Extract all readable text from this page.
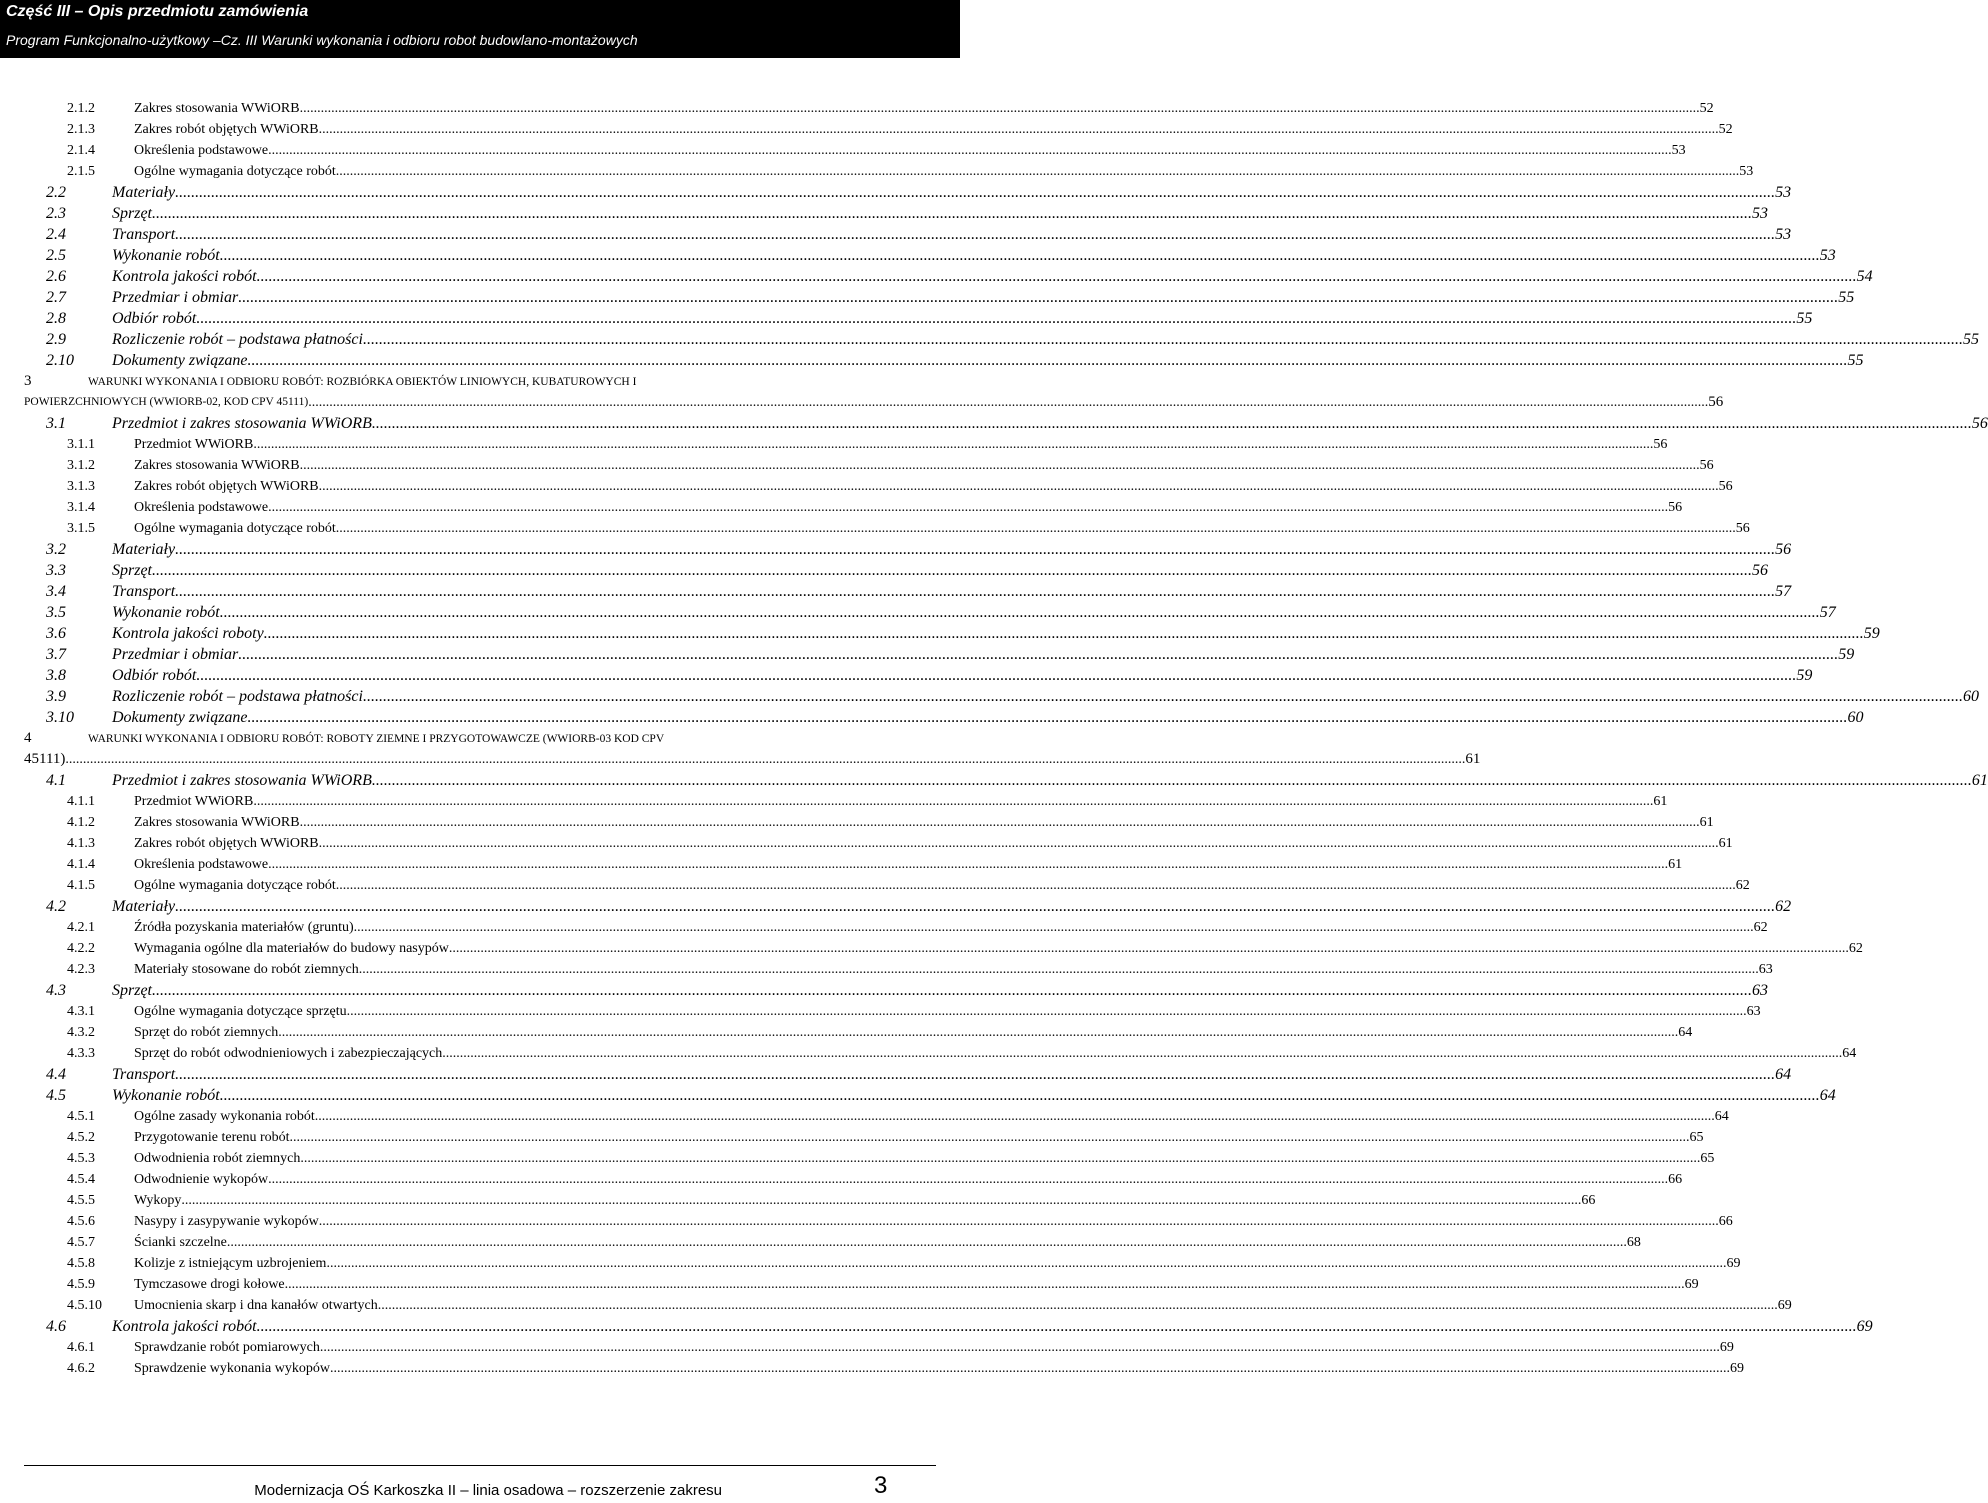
Część III – Opis przedmiotu zamówienia
Program Funkcjonalno-użytkowy –Cz. III Warunki wykonania i odbioru robot budowlano-montażowych
2.1.2	Zakres stosowania WWiORB ................................................................................................................................................................................................................................................................................................................................................................................................................ 52
2.1.3	Zakres robót objętych WWiORB ................................................................................................................................................................................................................................................................................................................................................................................................................ 52
2.1.4	Określenia podstawowe. ................................................................................................................................................................................................................................................................................................................................................................................................................ 53
2.1.5	Ogólne wymagania dotyczące robót. ................................................................................................................................................................................................................................................................................................................................................................................................................ 53
2.2	Materiały ................................................................................................................................................................................................................................................................................................................................................................................................................ 53
2.3	Sprzęt ................................................................................................................................................................................................................................................................................................................................................................................................................ 53
2.4	Transport ................................................................................................................................................................................................................................................................................................................................................................................................................ 53
2.5	Wykonanie robót ................................................................................................................................................................................................................................................................................................................................................................................................................ 53
2.6	Kontrola jakości robót ................................................................................................................................................................................................................................................................................................................................................................................................................ 54
2.7	Przedmiar i obmiar ................................................................................................................................................................................................................................................................................................................................................................................................................ 55
2.8	Odbiór robót ................................................................................................................................................................................................................................................................................................................................................................................................................ 55
2.9	Rozliczenie robót – podstawa płatności ................................................................................................................................................................................................................................................................................................................................................................................................................ 55
2.10 Dokumenty związane ................................................................................................................................................................................................................................................................................................................................................................................................................ 55
3	WARUNKI WYKONANIA I ODBIORU ROBÓT: ROZBIÓRKA OBIEKTÓW LINIOWYCH, KUBATUROWYCH I
POWIERZCHNIOWYCH (WWIORB-02, KOD CPV 45111) ................................................................................................................................................................................................................................................................................................................................................................................................................ 56
3.1	Przedmiot i zakres stosowania WWiORB ................................................................................................................................................................................................................................................................................................................................................................................................................ 56
3.1.1	Przedmiot WWiORB ................................................................................................................................................................................................................................................................................................................................................................................................................ 56
3.1.2	Zakres stosowania WWiORB ................................................................................................................................................................................................................................................................................................................................................................................................................ 56
3.1.3	Zakres robót objętych WWiORB ................................................................................................................................................................................................................................................................................................................................................................................................................ 56
3.1.4	Określenia podstawowe ................................................................................................................................................................................................................................................................................................................................................................................................................ 56
3.1.5	Ogólne wymagania dotyczące robót ................................................................................................................................................................................................................................................................................................................................................................................................................ 56
3.2	Materiały ................................................................................................................................................................................................................................................................................................................................................................................................................ 56
3.3	Sprzęt ................................................................................................................................................................................................................................................................................................................................................................................................................ 56
3.4	Transport ................................................................................................................................................................................................................................................................................................................................................................................................................ 57
3.5	Wykonanie robót ................................................................................................................................................................................................................................................................................................................................................................................................................ 57
3.6	Kontrola jakości roboty ................................................................................................................................................................................................................................................................................................................................................................................................................ 59
3.7	Przedmiar i obmiar ................................................................................................................................................................................................................................................................................................................................................................................................................ 59
3.8	Odbiór robót ................................................................................................................................................................................................................................................................................................................................................................................................................ 59
3.9	Rozliczenie robót – podstawa płatności ................................................................................................................................................................................................................................................................................................................................................................................................................ 60
3.10 Dokumenty związane ................................................................................................................................................................................................................................................................................................................................................................................................................ 60
4	WARUNKI WYKONANIA I ODBIORU ROBÓT: ROBOTY ZIEMNE I PRZYGOTOWAWCZE (WWIORB-03 KOD CPV
45111) ................................................................................................................................................................................................................................................................................................................................................................................................................ 61
4.1	Przedmiot i zakres stosowania WWiORB ................................................................................................................................................................................................................................................................................................................................................................................................................ 61
4.1.1	Przedmiot WWiORB ................................................................................................................................................................................................................................................................................................................................................................................................................ 61
4.1.2	Zakres stosowania WWiORB ................................................................................................................................................................................................................................................................................................................................................................................................................ 61
4.1.3	Zakres robót objętych WWiORB ................................................................................................................................................................................................................................................................................................................................................................................................................ 61
4.1.4	Określenia podstawowe ................................................................................................................................................................................................................................................................................................................................................................................................................ 61
4.1.5	Ogólne wymagania dotyczące robót ................................................................................................................................................................................................................................................................................................................................................................................................................ 62
4.2	Materiały ................................................................................................................................................................................................................................................................................................................................................................................................................ 62
4.2.1	Źródła pozyskania materiałów (gruntu) ................................................................................................................................................................................................................................................................................................................................................................................................................ 62
4.2.2	Wymagania ogólne dla materiałów do budowy nasypów ................................................................................................................................................................................................................................................................................................................................................................................................................ 62
4.2.3	Materiały stosowane do robót ziemnych ................................................................................................................................................................................................................................................................................................................................................................................................................ 63
4.3	Sprzęt ................................................................................................................................................................................................................................................................................................................................................................................................................ 63
4.3.1	Ogólne wymagania dotyczące sprzętu ................................................................................................................................................................................................................................................................................................................................................................................................................ 63
4.3.2	Sprzęt do robót ziemnych ................................................................................................................................................................................................................................................................................................................................................................................................................ 64
4.3.3	Sprzęt do robót odwodnieniowych i zabezpieczających ................................................................................................................................................................................................................................................................................................................................................................................................................ 64
4.4	Transport ................................................................................................................................................................................................................................................................................................................................................................................................................ 64
4.5	Wykonanie robót ................................................................................................................................................................................................................................................................................................................................................................................................................ 64
4.5.1	Ogólne zasady wykonania robót ................................................................................................................................................................................................................................................................................................................................................................................................................ 64
4.5.2	Przygotowanie terenu robót ................................................................................................................................................................................................................................................................................................................................................................................................................ 65
4.5.3	Odwodnienia robót ziemnych ................................................................................................................................................................................................................................................................................................................................................................................................................ 65
4.5.4	Odwodnienie wykopów ................................................................................................................................................................................................................................................................................................................................................................................................................ 66
4.5.5	Wykopy ................................................................................................................................................................................................................................................................................................................................................................................................................ 66
4.5.6	Nasypy i zasypywanie wykopów ................................................................................................................................................................................................................................................................................................................................................................................................................ 66
4.5.7	Ścianki szczelne ................................................................................................................................................................................................................................................................................................................................................................................................................ 68
4.5.8	Kolizje z istniejącym uzbrojeniem ................................................................................................................................................................................................................................................................................................................................................................................................................ 69
4.5.9	Tymczasowe drogi kołowe ................................................................................................................................................................................................................................................................................................................................................................................................................ 69
4.5.10 Umocnienia skarp i dna kanałów otwartych ................................................................................................................................................................................................................................................................................................................................................................................................................ 69
4.6	Kontrola jakości robót ................................................................................................................................................................................................................................................................................................................................................................................................................ 69
4.6.1	Sprawdzanie robót pomiarowych ................................................................................................................................................................................................................................................................................................................................................................................................................ 69
4.6.2	Sprawdzenie wykonania wykopów ................................................................................................................................................................................................................................................................................................................................................................................................................ 69
Modernizacja OŚ Karkoszka II – linia osadowa – rozszerzenie zakresu	3
